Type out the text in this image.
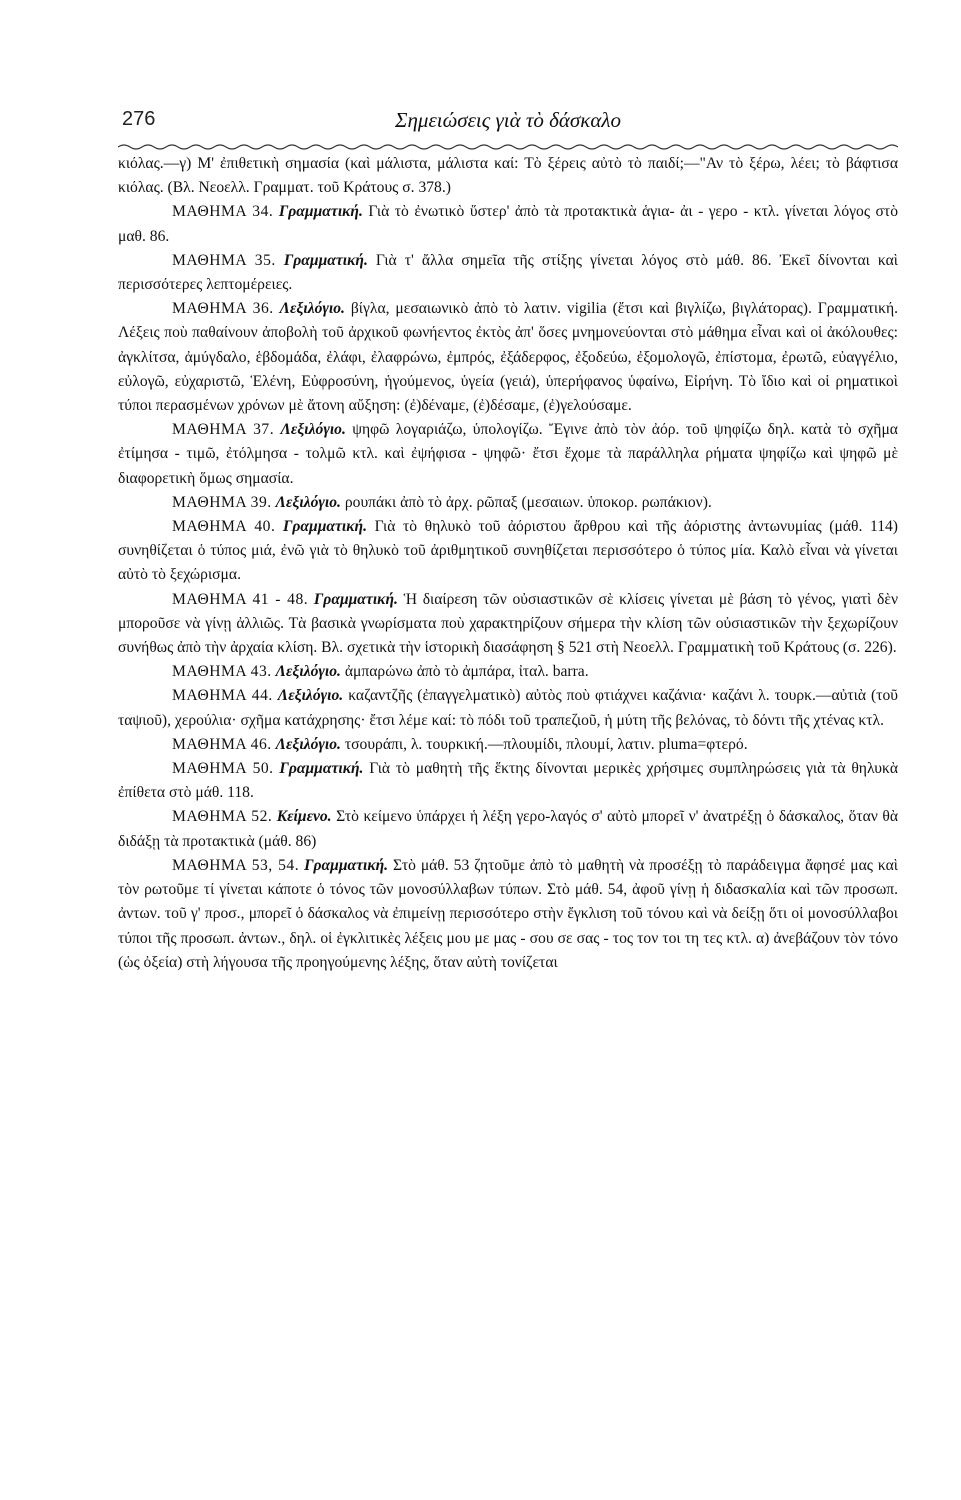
276	Σημειώσεις γιὰ τὸ δάσκαλο

κιόλας.—γ) Μ' ἐπιθετικὴ σημασία (καὶ μάλιστα, μάλιστα καί: Τὸ ξέρεις αὐτὸ τὸ παιδί;—"Αν τὸ ξέρω, λέει; τὸ βάφτισα κιόλας. (Βλ. Νεοελλ. Γραμματ. τοῦ Κράτους σ. 378.)

ΜΑΘΗΜΑ 34. Γραμματική. Γιὰ τὸ ἐνωτικὸ ὕστερ' ἀπὸ τὰ προτακτικὰ ἁγια- ἀι - γερο - κτλ. γίνεται λόγος στὸ μαθ. 86.

ΜΑΘΗΜΑ 35. Γραμματική. Γιὰ τ' ἄλλα σημεῖα τῆς στίξης γίνεται λόγος στὸ μάθ. 86. Ἐκεῖ δίνονται καὶ περισσότερες λεπτομέρειες.

ΜΑΘΗΜΑ 36. Λεξιλόγιο. βίγλα, μεσαιωνικὸ ἀπὸ τὸ λατιν. vigilia (ἔτσι καὶ βιγλίζω, βιγλάτορας). Γραμματική. Λέξεις ποὺ παθαίνουν ἀποβολὴ τοῦ ἀρχικοῦ φωνήεντος ἐκτὸς ἀπ' ὅσες μνημονεύονται στὸ μάθημα εἶναι καὶ οἱ ἀκόλουθες: ἀγκλίτσα, ἀμύγδαλο, ἑβδομάδα, ἐλάφι, ἐλαφρώνω, ἐμπρός, ἐξάδερφος, ἐξοδεύω, ἐξομολογῶ, ἐπίστομα, ἐρωτῶ, εὐαγγέλιο, εὐλογῶ, εὐχαριστῶ, Ἑλένη, Εὐφροσύνη, ἡγούμενος, ὑγεία (γειά), ὑπερήφανος ὑφαίνω, Εἰρήνη. Τὸ ἴδιο καὶ οἱ ρηματικοὶ τύποι περασμένων χρόνων μὲ ἄτονη αὔξηση: (ἐ)δέναμε, (ἐ)δέσαμε, (ἐ)γελούσαμε.

ΜΑΘΗΜΑ 37. Λεξιλόγιο. ψηφῶ λογαριάζω, ὑπολογίζω. Ἔγινε ἀπὸ τὸν ἀόρ. τοῦ ψηφίζω δηλ. κατὰ τὸ σχῆμα ἐτίμησα - τιμῶ, ἐτόλμησα - τολμῶ κτλ. καὶ ἐψήφισα - ψηφῶ· ἔτσι ἔχομε τὰ παράλληλα ρήματα ψηφίζω καὶ ψηφῶ μὲ διαφορετικὴ ὅμως σημασία.

ΜΑΘΗΜΑ 39. Λεξιλόγιο. ρουπάκι ἀπὸ τὸ ἀρχ. ρῶπαξ (μεσαιων. ὑποκορ. ρωπάκιον).

ΜΑΘΗΜΑ 40. Γραμματική. Γιὰ τὸ θηλυκὸ τοῦ ἀόριστου ἄρθρου καὶ τῆς ἀόριστης ἀντωνυμίας (μάθ. 114) συνηθίζεται ὁ τύπος μιά, ἐνῶ γιὰ τὸ θηλυκὸ τοῦ ἀριθμητικοῦ συνηθίζεται περισσότερο ὁ τύπος μία. Καλὸ εἶναι νὰ γίνεται αὐτὸ τὸ ξεχώρισμα.

ΜΑΘΗΜΑ 41 - 48. Γραμματική. Ἡ διαίρεση τῶν οὐσιαστικῶν σὲ κλίσεις γίνεται μὲ βάση τὸ γένος, γιατὶ δὲν μποροῦσε νὰ γίνῃ ἀλλιῶς. Τὰ βασικὰ γνωρίσματα ποὺ χαρακτηρίζουν σήμερα τὴν κλίση τῶν οὐσιαστικῶν τὴν ξεχωρίζουν συνήθως ἀπὸ τὴν ἀρχαία κλίση. Βλ. σχετικὰ τὴν ἱστορικὴ διασάφηση § 521 στὴ Νεοελλ. Γραμματικὴ τοῦ Κράτους (σ. 226).

ΜΑΘΗΜΑ 43. Λεξιλόγιο. ἀμπαρώνω ἀπὸ τὸ ἀμπάρα, ἰταλ. barra.

ΜΑΘΗΜΑ 44. Λεξιλόγιο. καζαντζῆς (ἐπαγγελματικὸ) αὐτὸς ποὺ φτιάχνει καζάνια· καζάνι λ. τουρκ.—αὐτιὰ (τοῦ ταψιοῦ), χερούλια· σχῆμα κατάχρησης· ἔτσι λέμε καί: τὸ πόδι τοῦ τραπεζιοῦ, ἡ μύτη τῆς βελόνας, τὸ δόντι τῆς χτένας κτλ.

ΜΑΘΗΜΑ 46. Λεξιλόγιο. τσουράπι, λ. τουρκική.—πλουμίδι, πλουμί, λατιν. pluma=φτερό.

ΜΑΘΗΜΑ 50. Γραμματική. Γιὰ τὸ μαθητὴ τῆς ἕκτης δίνονται μερικὲς χρήσιμες συμπληρώσεις γιὰ τὰ θηλυκὰ ἐπίθετα στὸ μάθ. 118.

ΜΑΘΗΜΑ 52. Κείμενο. Στὸ κείμενο ὑπάρχει ἡ λέξη γερο-λαγός σ' αὐτὸ μπορεῖ ν' ἀνατρέξῃ ὁ δάσκαλος, ὅταν θὰ διδάξῃ τὰ προτακτικὰ (μάθ. 86)

ΜΑΘΗΜΑ 53, 54. Γραμματική. Στὸ μάθ. 53 ζητοῦμε ἀπὸ τὸ μαθητὴ νὰ προσέξῃ τὸ παράδειγμα ἄφησέ μας καὶ τὸν ρωτοῦμε τί γίνεται κάποτε ὁ τόνος τῶν μονοσύλλαβων τύπων. Στὸ μάθ. 54, ἀφοῦ γίνῃ ἡ διδασκαλία καὶ τῶν προσωπ. ἀντων. τοῦ γ' προσ., μπορεῖ ὁ δάσκαλος νὰ ἐπιμείνῃ περισσότερο στὴν ἔγκλιση τοῦ τόνου καὶ νὰ δείξῃ ὅτι οἱ μονοσύλλαβοι τύποι τῆς προσωπ. ἀντων., δηλ. οἱ ἐγκλιτικὲς λέξεις μου με μας - σου σε σας - τος τον τοι τη τες κτλ. α) ἀνεβάζουν τὸν τόνο (ὡς ὀξεία) στὴ λήγουσα τῆς προηγούμενης λέξης, ὅταν αὐτὴ τονίζεται
